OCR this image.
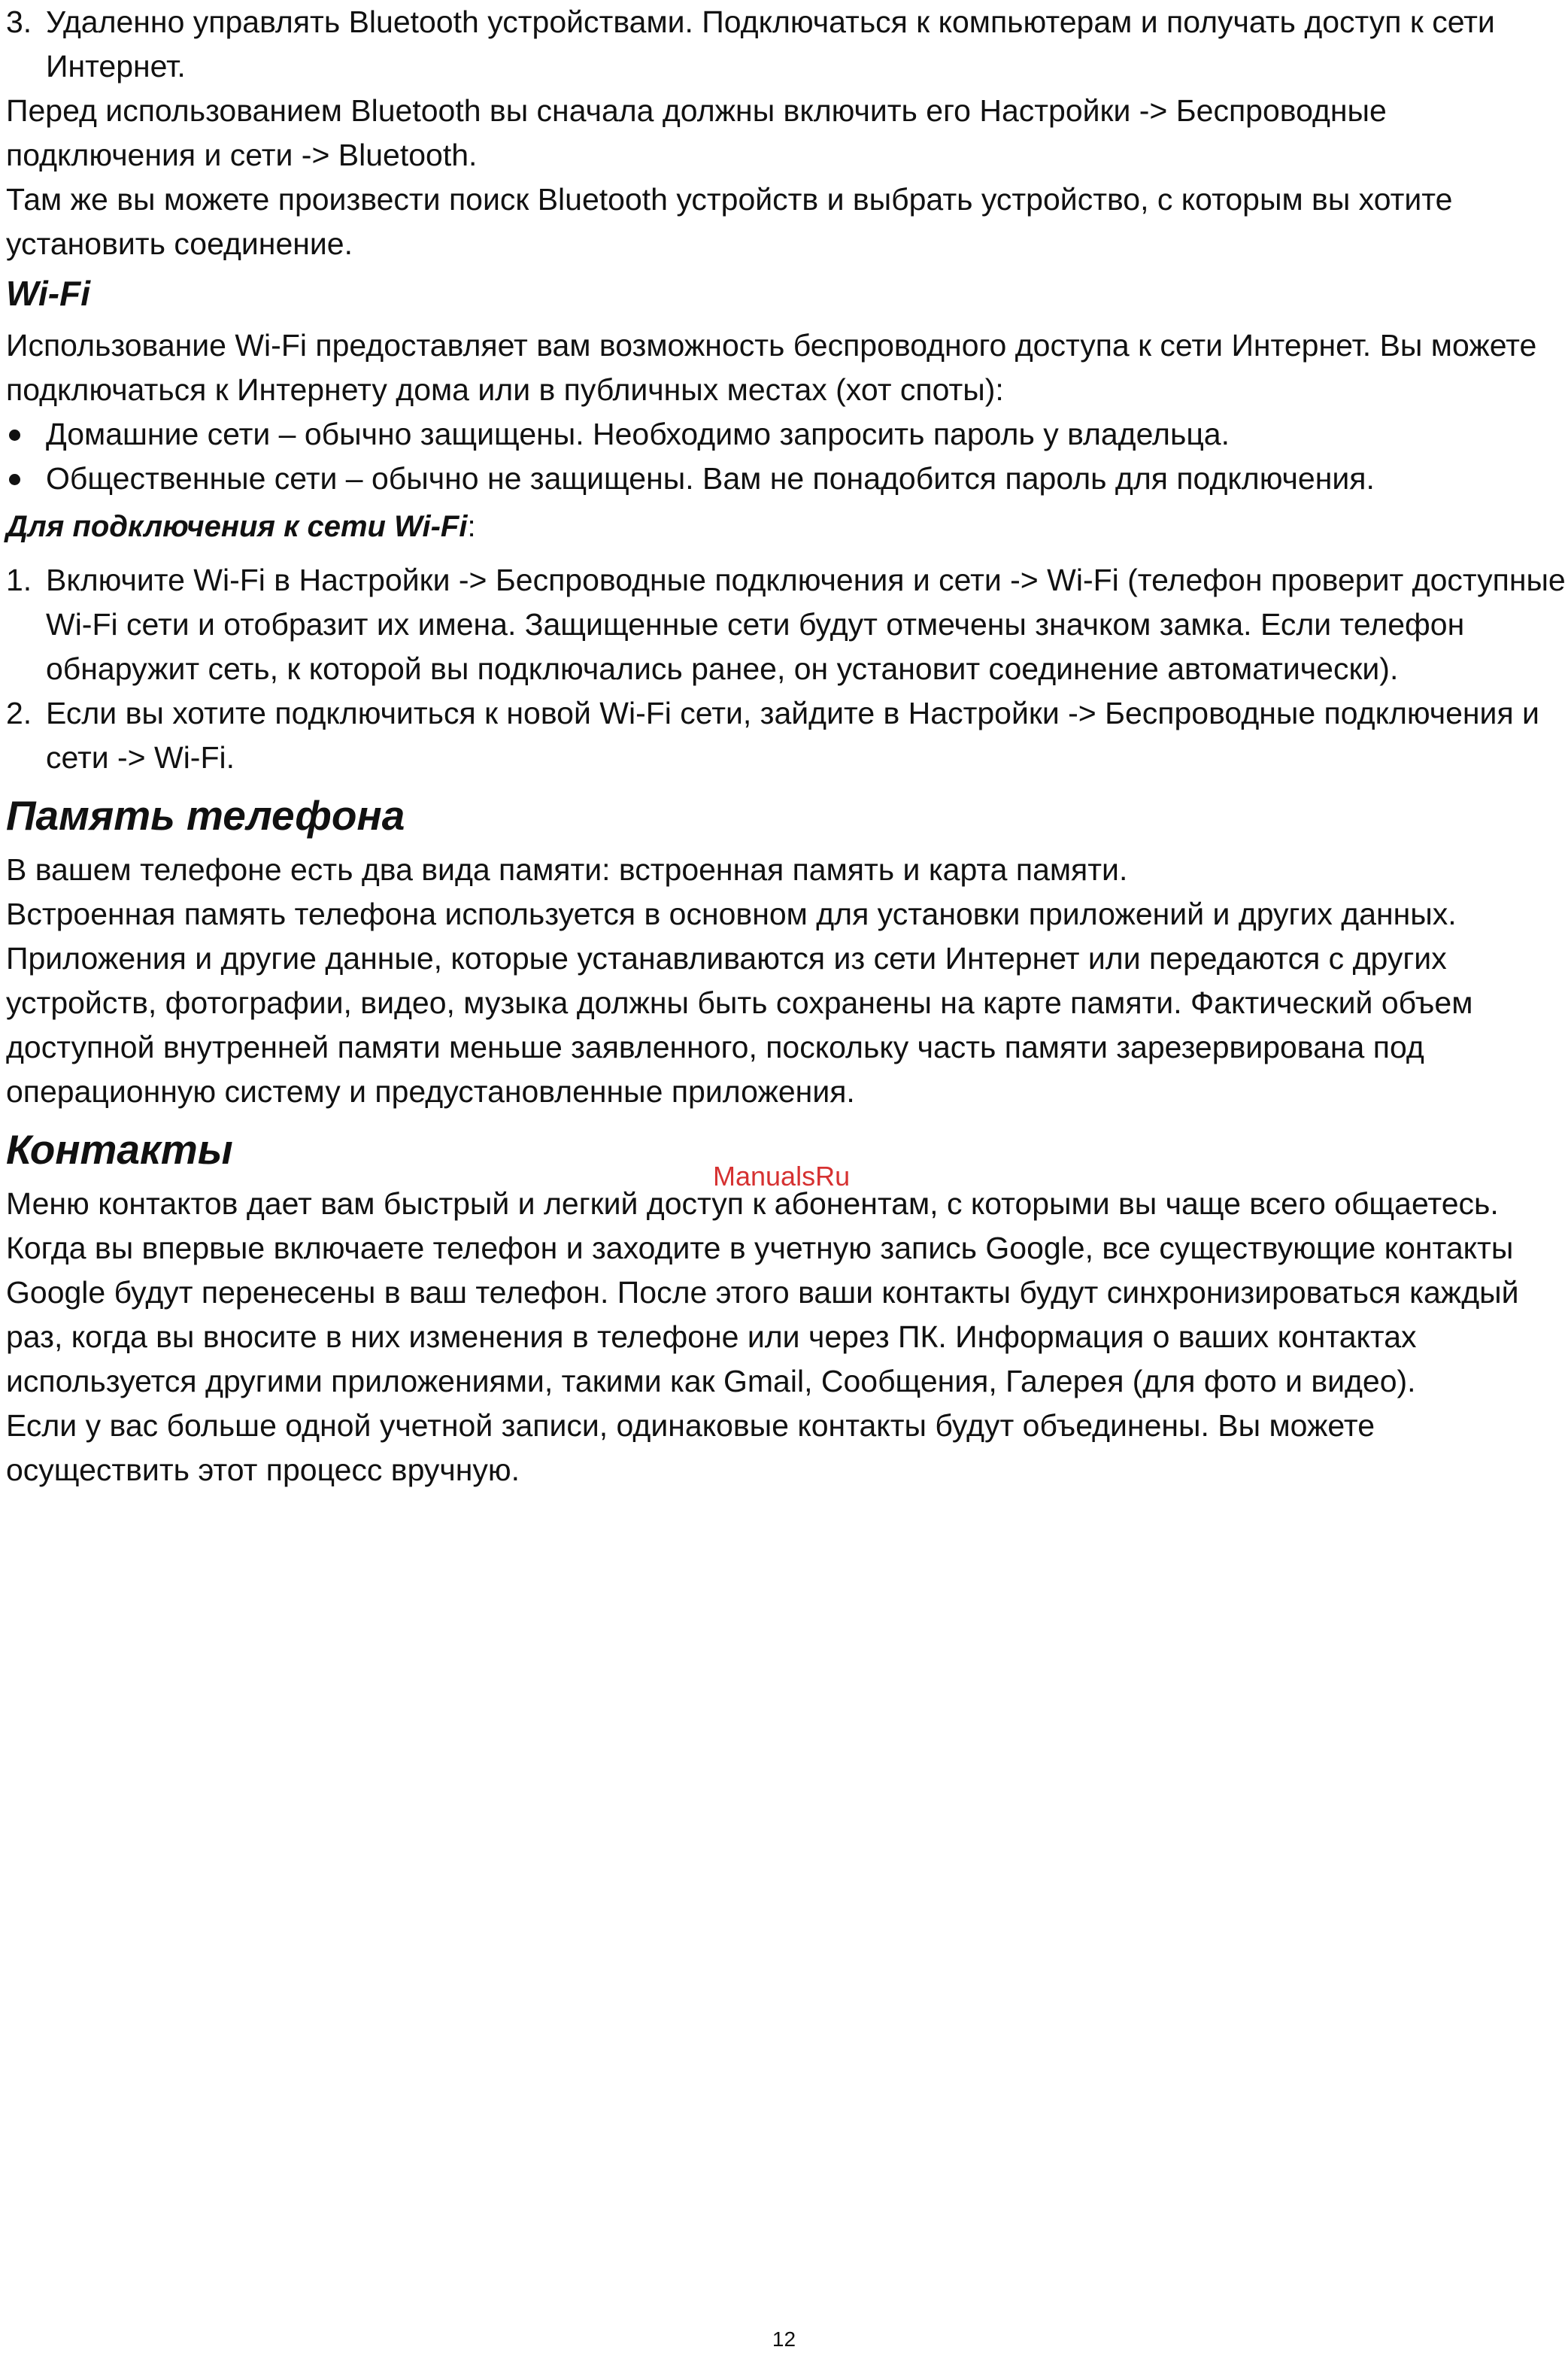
3. Удаленно управлять Bluetooth устройствами. Подключаться к компьютерам и получать доступ к сети Интернет.

Перед использованием Bluetooth вы сначала должны включить его Настройки -> Беспроводные подключения и сети -> Bluetooth.

Там же вы можете произвести поиск Bluetooth устройств и выбрать устройство, с которым вы хотите установить соединение.

Wi-Fi

Использование Wi-Fi предоставляет вам возможность беспроводного доступа к сети Интернет. Вы можете подключаться к Интернету дома или в публичных местах (хот споты):

Домашние сети – обычно защищены. Необходимо запросить пароль у владельца.
Общественные сети – обычно не защищены. Вам не понадобится пароль для подключения.

Для подключения к сети Wi-Fi:

1. Включите Wi-Fi в Настройки -> Беспроводные подключения и сети -> Wi-Fi (телефон проверит доступные Wi-Fi сети и отобразит их имена. Защищенные сети будут отмечены значком замка. Если телефон обнаружит сеть, к которой вы подключались ранее, он установит соединение автоматически).
2. Если вы хотите подключиться к новой Wi-Fi сети, зайдите в Настройки -> Беспроводные подключения и сети -> Wi-Fi.
Память телефона

В вашем телефоне есть два вида памяти: встроенная память и карта памяти.

Встроенная память телефона используется в основном для установки приложений и других данных. Приложения и другие данные, которые устанавливаются из сети Интернет или передаются с других устройств, фотографии, видео, музыка должны быть сохранены на карте памяти. Фактический объем доступной внутренней памяти меньше заявленного, поскольку часть памяти зарезервирована под операционную систему и предустановленные приложения.

Контакты

Меню контактов дает вам быстрый и легкий доступ к абонентам, с которыми вы чаще всего общаетесь. Когда вы впервые включаете телефон и заходите в учетную запись Google, все существующие контакты Google будут перенесены в ваш телефон. После этого ваши контакты будут синхронизироваться каждый раз, когда вы вносите в них изменения в телефоне или через ПК. Информация о ваших контактах используется другими приложениями, такими как Gmail, Сообщения, Галерея (для фото и видео).

Если у вас больше одной учетной записи, одинаковые контакты будут объединены. Вы можете осуществить этот процесс вручную.

ManualsRu
12
